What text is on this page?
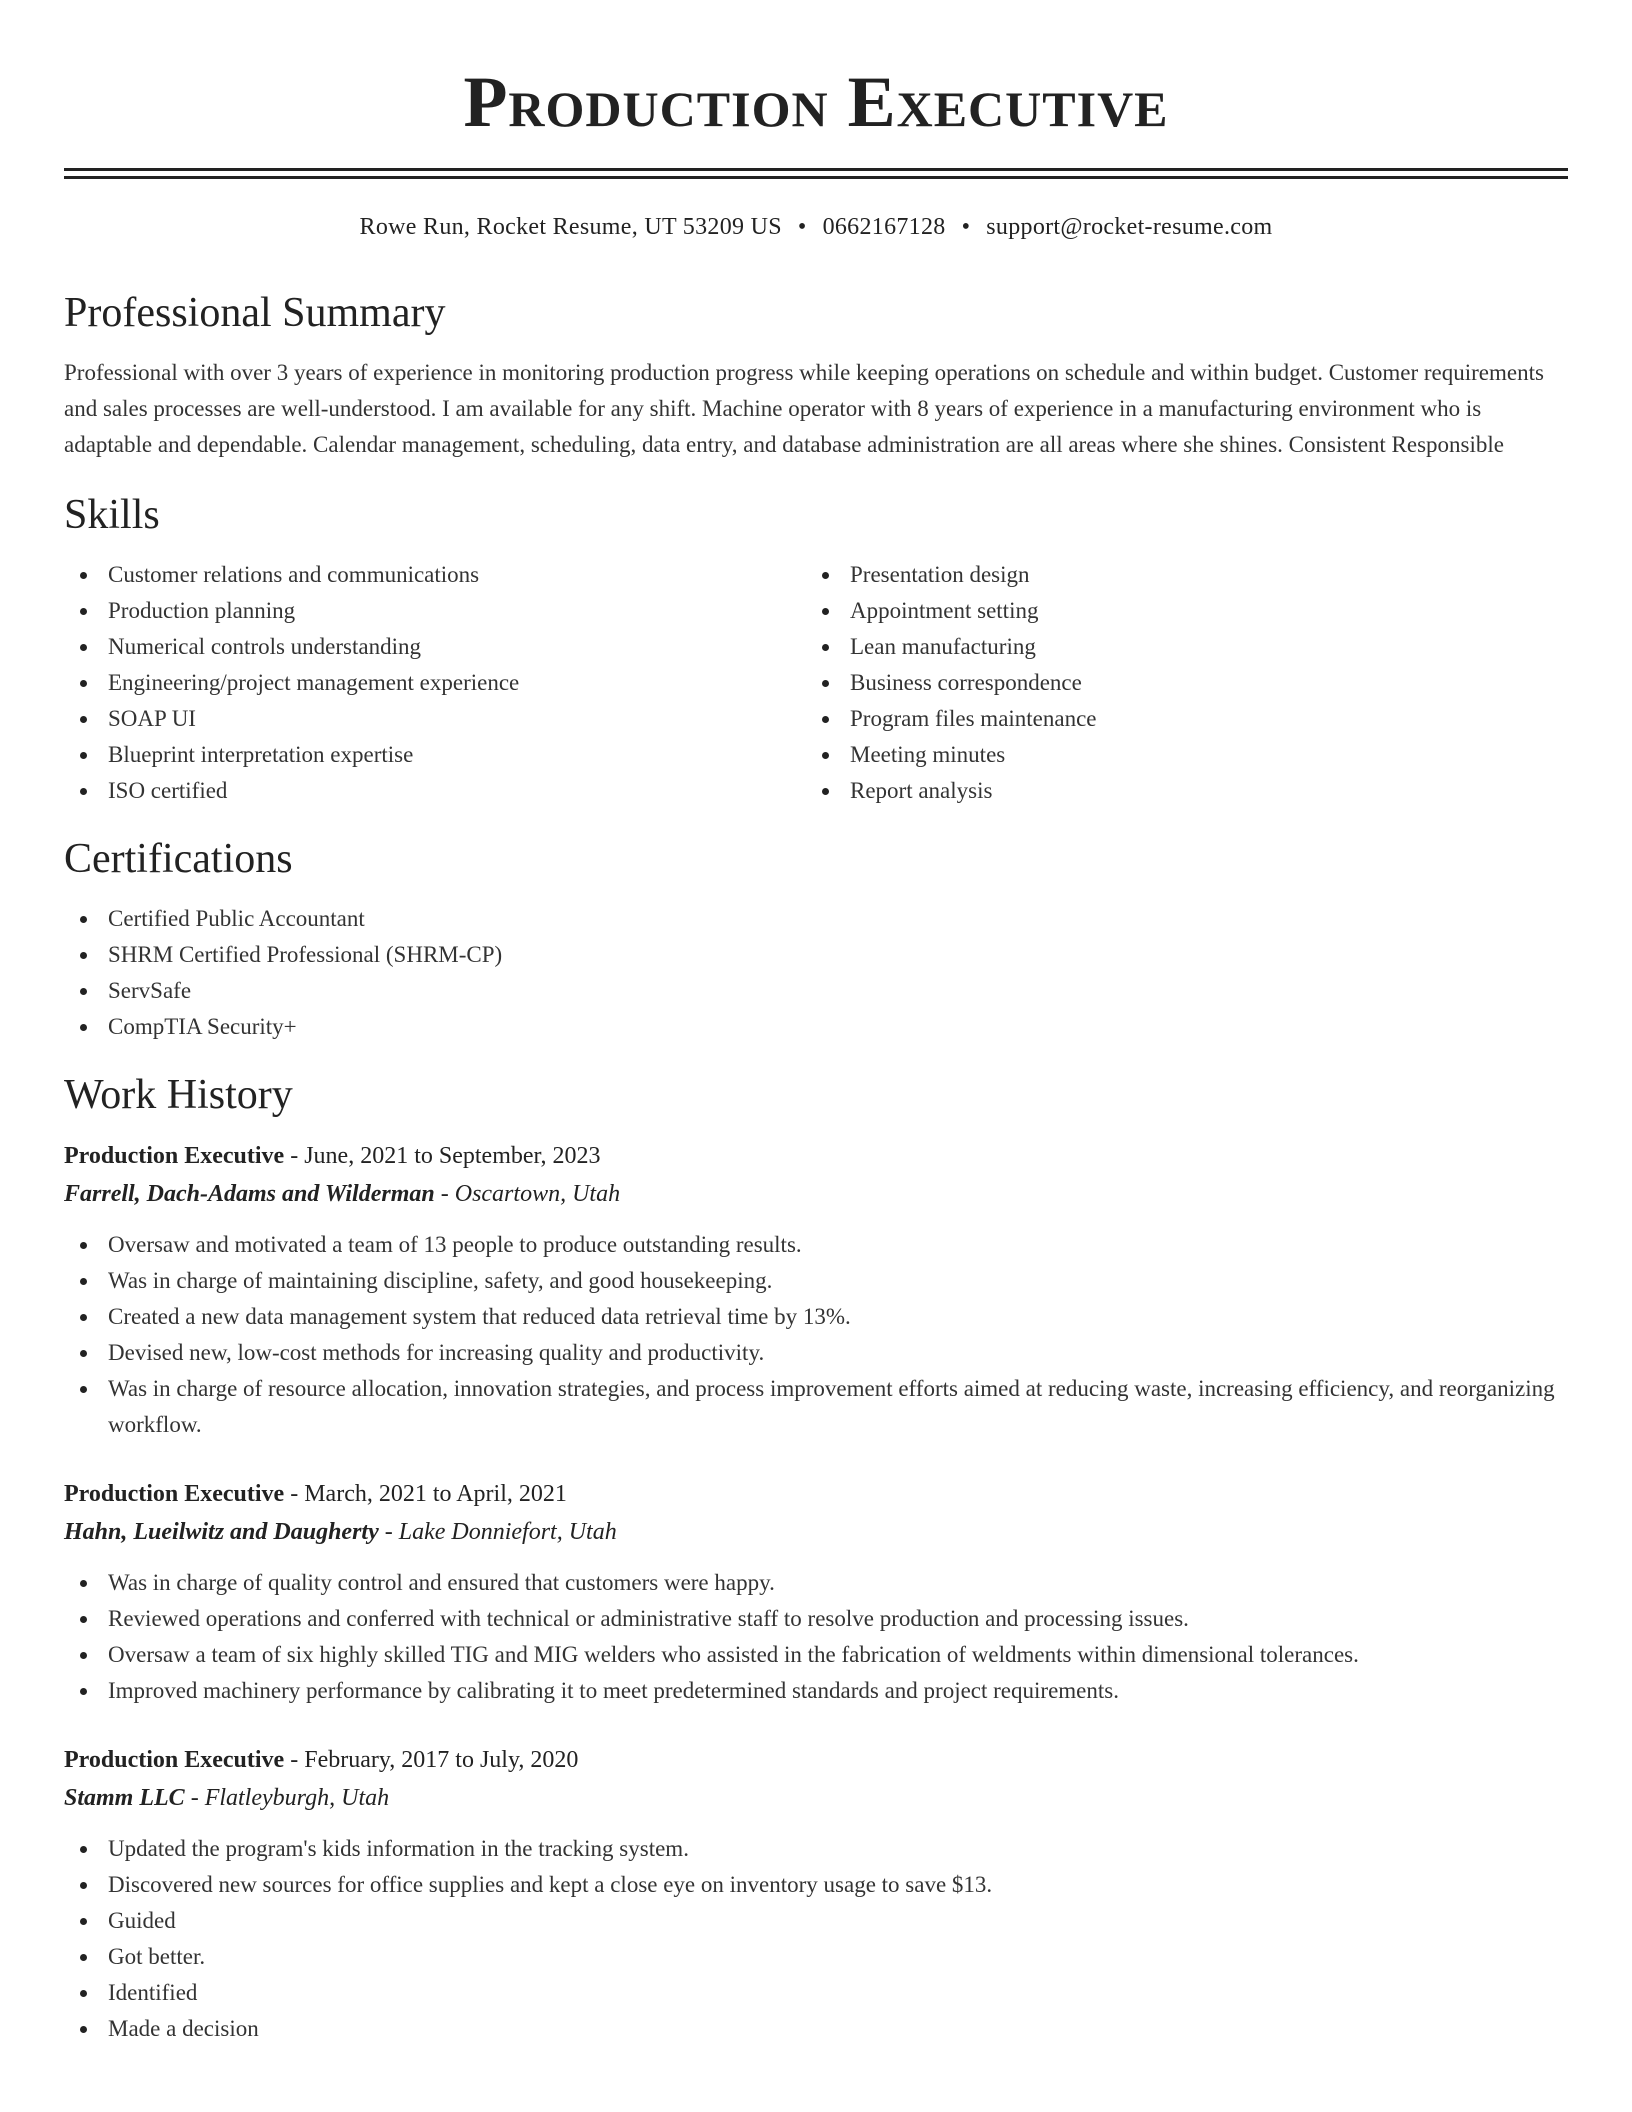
Production Executive
Rowe Run, Rocket Resume, UT 53209 US • 0662167128 • support@rocket-resume.com
Professional Summary
Professional with over 3 years of experience in monitoring production progress while keeping operations on schedule and within budget. Customer requirements and sales processes are well-understood. I am available for any shift. Machine operator with 8 years of experience in a manufacturing environment who is adaptable and dependable. Calendar management, scheduling, data entry, and database administration are all areas where she shines. Consistent Responsible
Skills
Customer relations and communications
Production planning
Numerical controls understanding
Engineering/project management experience
SOAP UI
Blueprint interpretation expertise
ISO certified
Presentation design
Appointment setting
Lean manufacturing
Business correspondence
Program files maintenance
Meeting minutes
Report analysis
Certifications
Certified Public Accountant
SHRM Certified Professional (SHRM-CP)
ServSafe
CompTIA Security+
Work History
Production Executive - June, 2021 to September, 2023
Farrell, Dach-Adams and Wilderman - Oscartown, Utah
Oversaw and motivated a team of 13 people to produce outstanding results.
Was in charge of maintaining discipline, safety, and good housekeeping.
Created a new data management system that reduced data retrieval time by 13%.
Devised new, low-cost methods for increasing quality and productivity.
Was in charge of resource allocation, innovation strategies, and process improvement efforts aimed at reducing waste, increasing efficiency, and reorganizing workflow.
Production Executive - March, 2021 to April, 2021
Hahn, Lueilwitz and Daugherty - Lake Donniefort, Utah
Was in charge of quality control and ensured that customers were happy.
Reviewed operations and conferred with technical or administrative staff to resolve production and processing issues.
Oversaw a team of six highly skilled TIG and MIG welders who assisted in the fabrication of weldments within dimensional tolerances.
Improved machinery performance by calibrating it to meet predetermined standards and project requirements.
Production Executive - February, 2017 to July, 2020
Stamm LLC - Flatleyburgh, Utah
Updated the program's kids information in the tracking system.
Discovered new sources for office supplies and kept a close eye on inventory usage to save $13.
Guided
Got better.
Identified
Made a decision
